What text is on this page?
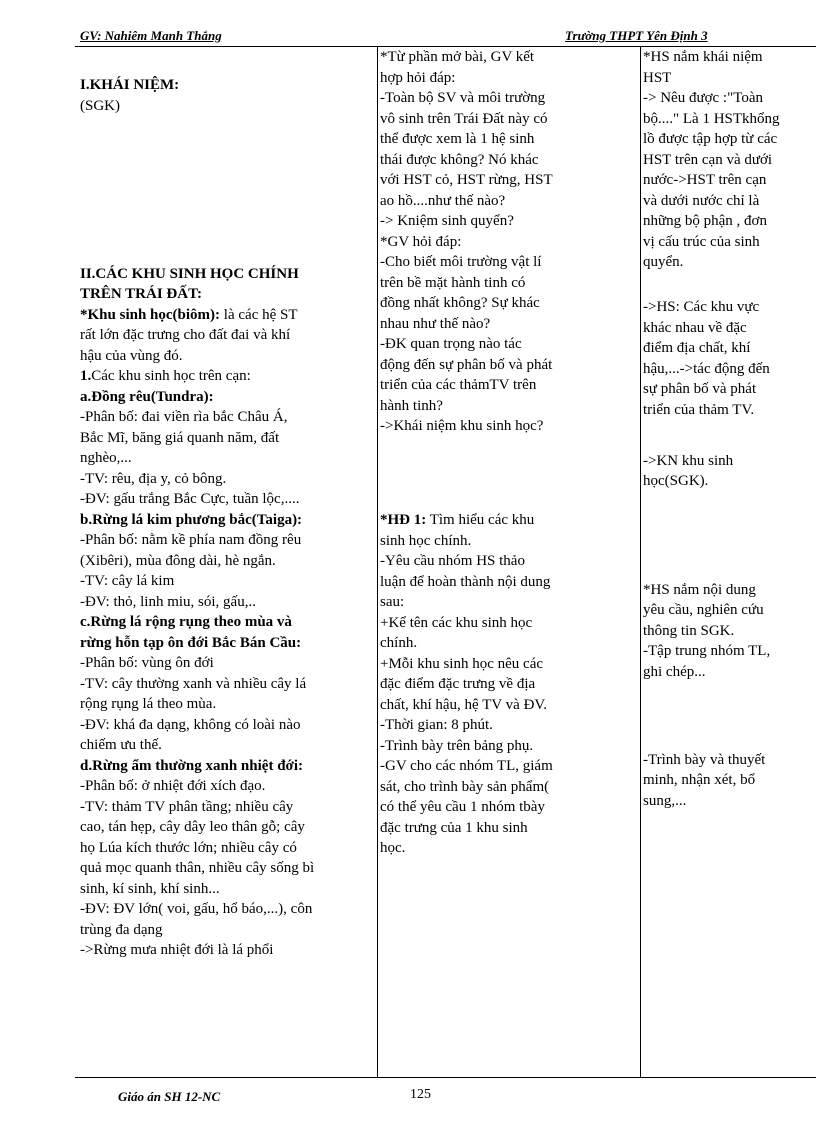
GV: Nahiêm Manh Thắng	Trường THPT Yên Định 3

I.KHÁI NIỆM:

(SGK)

II.CÁC KHU SINH HỌC CHÍNH

TRÊN TRÁI ĐẤT:

*Khu sinh học(biôm): là các hệ ST

rất lớn đặc trưng cho đất đai và khí

hậu của vùng đó.

1.Các khu sinh học trên cạn:

a.Đồng rêu(Tundra):

-Phân bố: đai viền rìa bắc Châu Á,

Bắc Mĩ, băng giá quanh năm, đất

nghèo,...

-TV: rêu, địa y, cỏ bông.

-ĐV: gấu trắng Bắc Cực, tuần lộc,....

b.Rừng lá kim phương bắc(Taiga):

-Phân bố: nằm kề phía nam đồng rêu

(Xibêri), mùa đông dài, hè ngắn.

-TV: cây lá kim

-ĐV: thỏ, linh miu, sói, gấu,..

c.Rừng lá rộng rụng theo mùa và

rừng hỗn tạp ôn đới Bắc Bán Cầu:

-Phân bố: vùng ôn đới

-TV: cây thường xanh và nhiều cây lá

rộng rụng lá theo mùa.

-ĐV: khá đa dạng, không có loài nào

chiếm ưu thế.

d.Rừng ẩm thường xanh nhiệt đới:

-Phân bố: ở nhiệt đới xích đạo.

-TV: thảm TV phân tầng; nhiều cây

cao, tán hẹp, cây dây leo thân gỗ; cây

họ Lúa kích thước lớn; nhiều cây có

quả mọc quanh thân, nhiều cây sống bì

sinh, kí sinh, khí sinh...

-ĐV: ĐV lớn( voi, gấu, hổ báo,...), côn

trùng đa dạng

->Rừng mưa nhiệt đới là lá phổi

*Từ phần mở bài, GV kết

hợp hỏi đáp:

-Toàn bộ SV và môi trường

vô sinh trên Trái Đất này có

thể được xem là 1 hệ sinh

thái được không? Nó khác

với HST cỏ, HST rừng, HST

ao hồ....như thế nào?

-> Kniệm sinh quyển?

*GV hỏi đáp:

-Cho biết môi trường vật lí

trên bề mặt hành tinh có

đồng nhất không? Sự khác

nhau như thế nào?

-ĐK quan trọng nào tác

động đến sự phân bố và phát

triển của các thảmTV trên

hành tinh?

->Khái niệm khu sinh học?

*HĐ 1: Tìm hiểu các khu

sinh học chính.

-Yêu cầu nhóm HS thảo

luận để hoàn thành nội dung

sau:

+Kể tên các khu sinh học

chính.

+Mỗi khu sinh học nêu các

đặc điểm đặc trưng về địa

chất, khí hậu, hệ TV và ĐV.

-Thời gian: 8 phút.

-Trình bày trên bảng phụ.

-GV cho các nhóm TL, giám

sát, cho trình bày sản phẩm(

có thể yêu cầu 1 nhóm tbày

đặc trưng của 1 khu sinh

học.

*HS nắm khái niệm

HST

-> Nêu được :"Toàn

bộ...." Là 1 HSTkhổng

lồ được tập hợp từ các

HST trên cạn và dưới

nước->HST trên cạn

và dưới nước chỉ là

những bộ phận , đơn

vị cấu trúc của sinh

quyển.

->HS: Các khu vực

khác nhau về đặc

điểm địa chất, khí

hậu,...->tác động đến

sự phân bố và phát

triển của thảm TV.

->KN khu sinh

học(SGK).

*HS nắm nội dung

yêu cầu, nghiên cứu

thông tin SGK.

-Tập trung nhóm TL,

ghi chép...

-Trình bày và thuyết

minh, nhận xét, bổ

sung,...

Giáo án SH 12-NC	125
